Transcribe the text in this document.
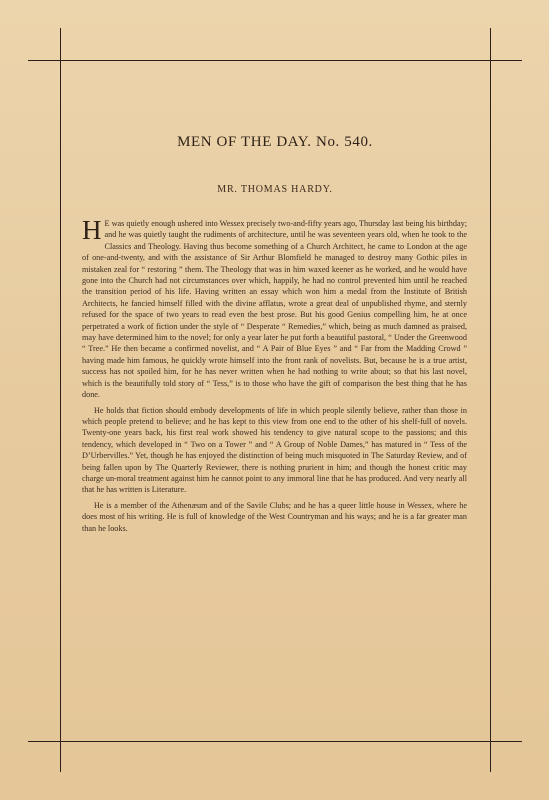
MEN OF THE DAY. No. 540.
MR. THOMAS HARDY.

H E was quietly enough ushered into Wessex precisely two-and-fifty years ago, Thursday last being his birthday; and he was quietly taught the rudiments of architecture, until he was seventeen years old, when he took to the Classics and Theology. Having thus become something of a Church Architect, he came to London at the age of one-and-twenty, and with the assistance of Sir Arthur Blomfield he managed to destroy many Gothic piles in mistaken zeal for “ restoring ” them. The Theology that was in him waxed keener as he worked, and he would have gone into the Church had not circumstances over which, happily, he had no control prevented him until he reached the transition period of his life. Having written an essay which won him a medal from the Institute of British Architects, he fancied himself filled with the divine afflatus, wrote a great deal of unpublished rhyme, and sternly refused for the space of two years to read even the best prose. But his good Genius compelling him, he at once perpetrated a work of fiction under the style of “ Desperate “ Remedies,” which, being as much damned as praised, may have determined him to the novel; for only a year later he put forth a beautiful pastoral, “ Under the Greenwood “ Tree.” He then became a confirmed novelist, and “ A Pair of Blue Eyes ” and “ Far from the Madding Crowd ” having made him famous, he quickly wrote himself into the front rank of novelists. But, because he is a true artist, success has not spoiled him, for he has never written when he had nothing to write about; so that his last novel, which is the beautifully told story of “ Tess,” is to those who have the gift of comparison the best thing that he has done.

He holds that fiction should embody developments of life in which people silently believe, rather than those in which people pretend to believe; and he has kept to this view from one end to the other of his shelf-full of novels. Twenty-one years back, his first real work showed his tendency to give natural scope to the passions; and this tendency, which developed in “ Two on a Tower ” and “ A Group of Noble Dames,” has matured in “ Tess of the D’Urbervilles.” Yet, though he has enjoyed the distinction of being much misquoted in The Saturday Review, and of being fallen upon by The Quarterly Reviewer, there is nothing prurient in him; and though the honest critic may charge un-moral treatment against him he cannot point to any immoral line that he has produced. And very nearly all that he has written is Literature.

He is a member of the Athenæum and of the Savile Clubs; and he has a queer little house in Wessex, where he does most of his writing. He is full of knowledge of the West Countryman and his ways; and he is a far greater man than he looks.
